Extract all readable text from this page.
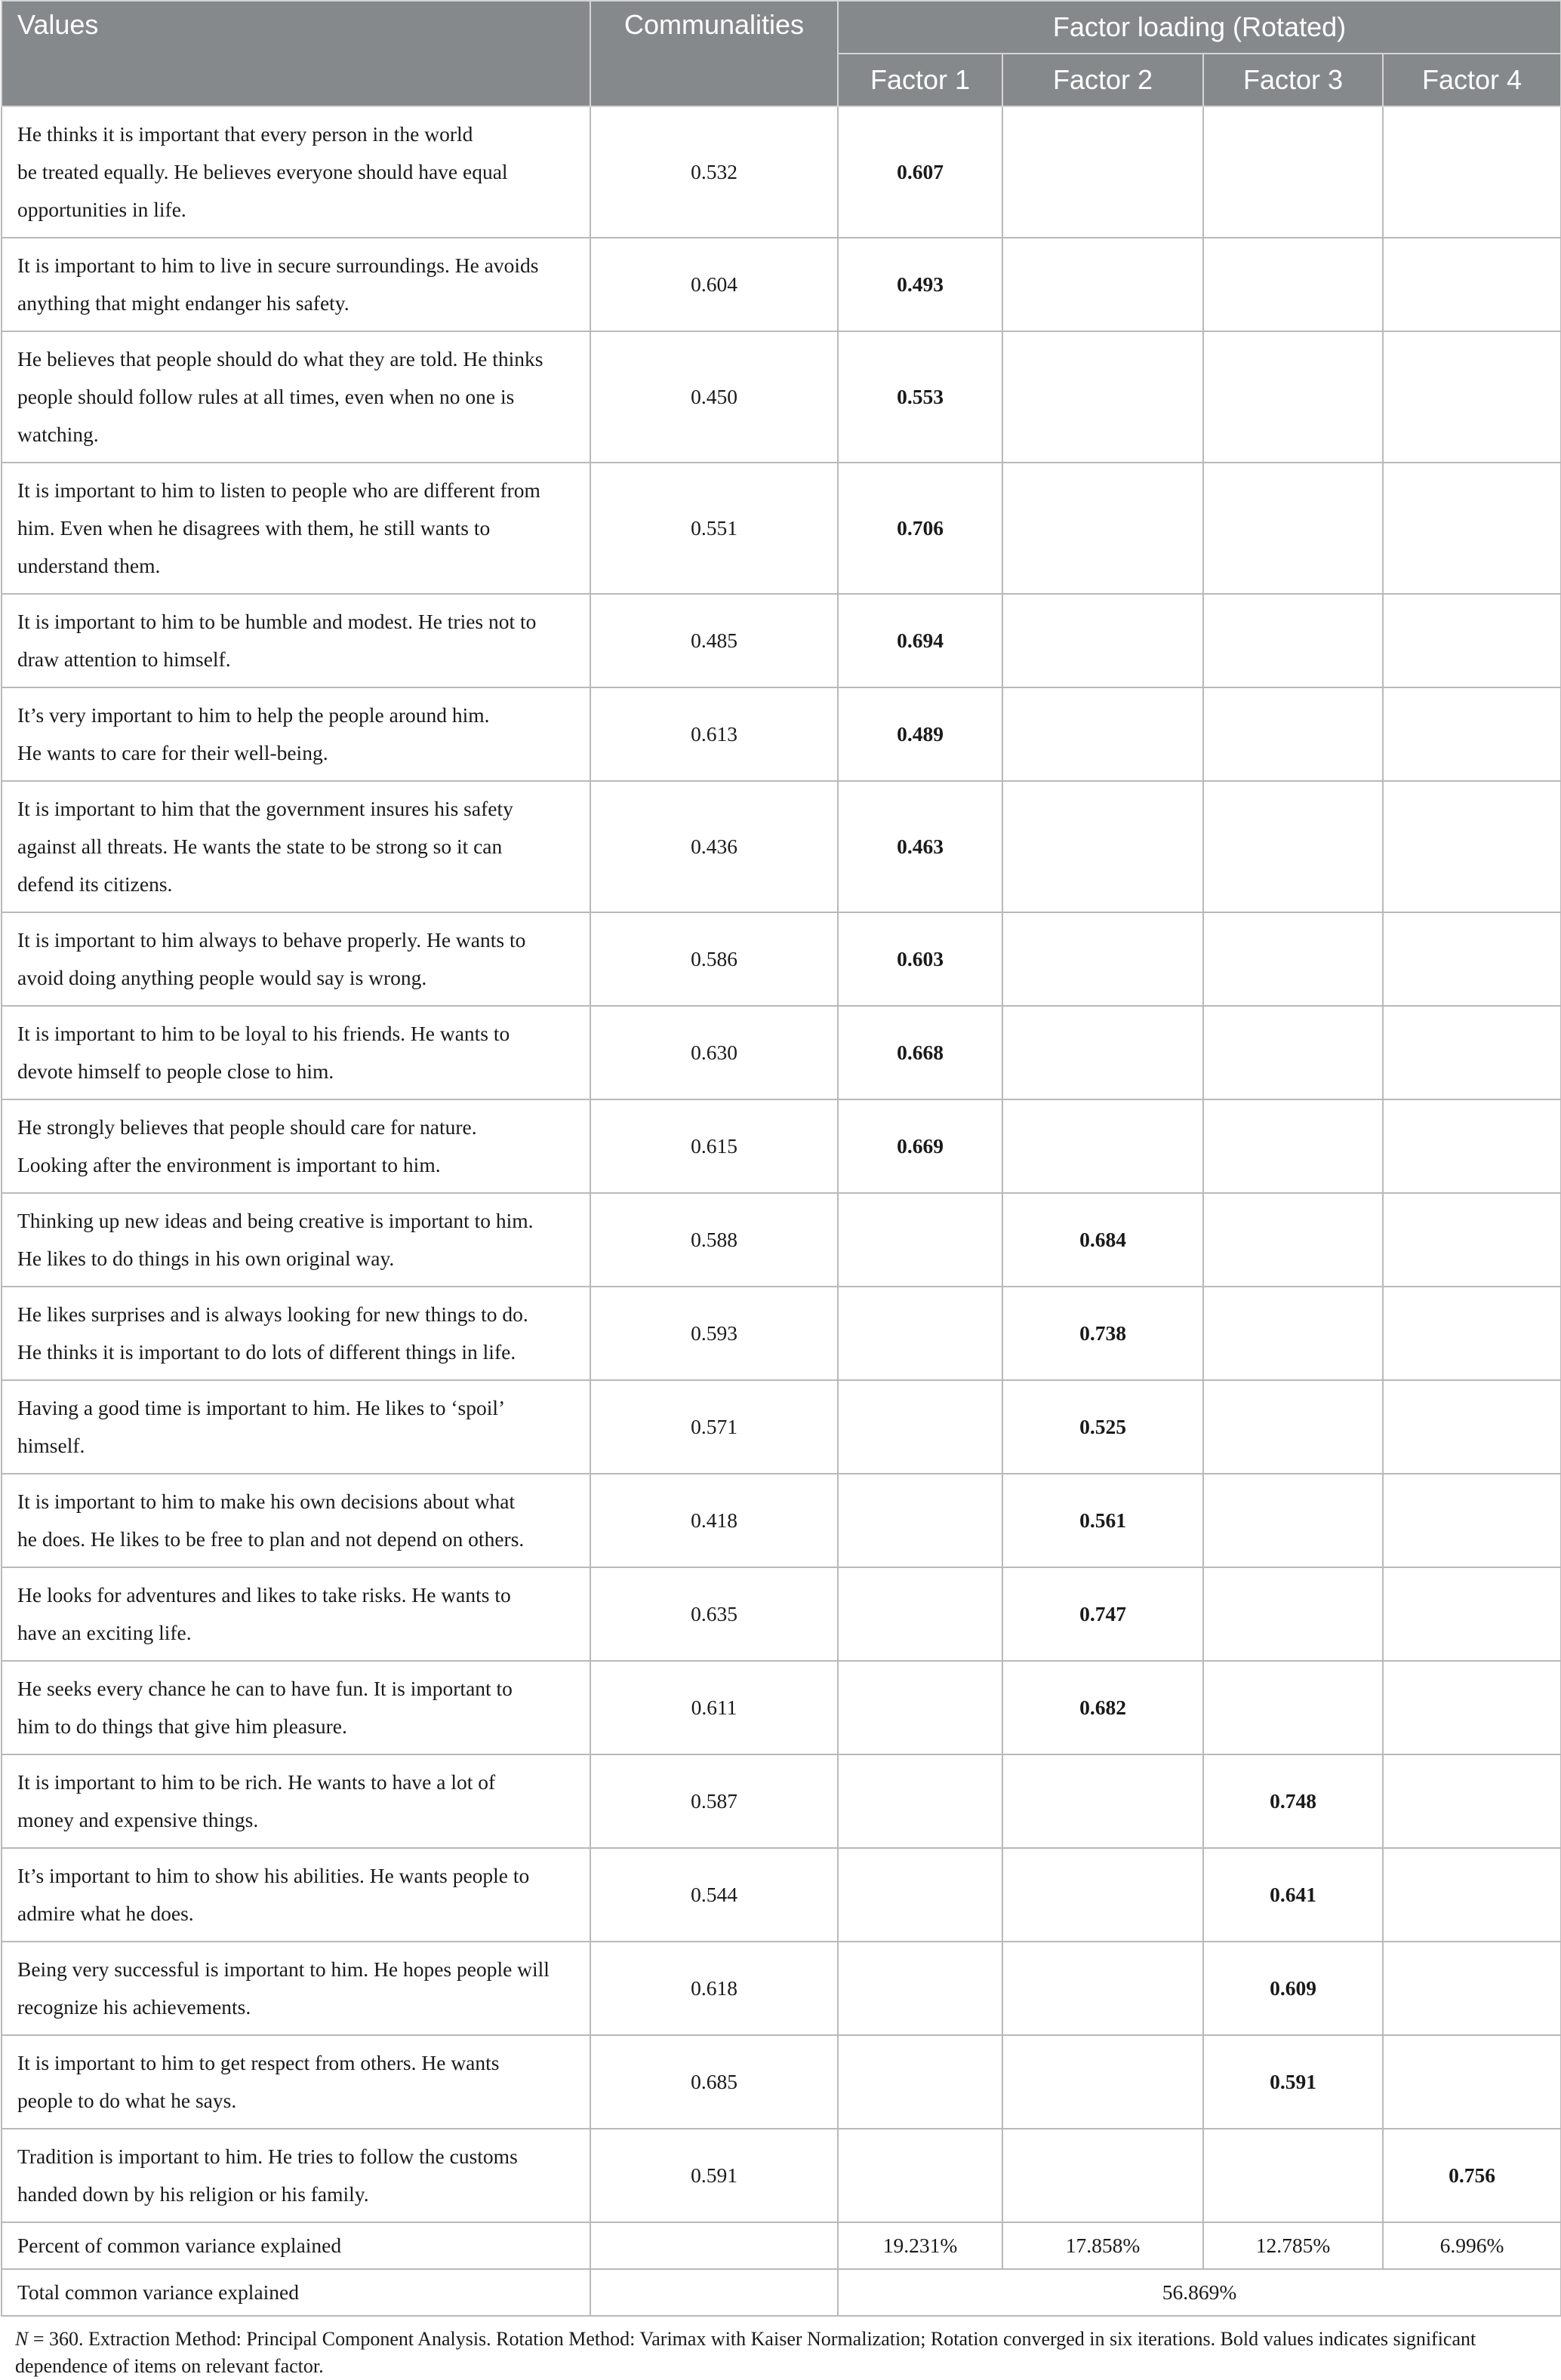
Values	Communalities	Factor loading (Rotated)			
		Factor 1	Factor 2	Factor 3	Factor 4
He thinks it is important that every person in the world
be treated equally. He believes everyone should have equal
opportunities in life.	0.532	0.607			
It is important to him to live in secure surroundings. He avoids
anything that might endanger his safety.	0.604	0.493			
He believes that people should do what they are told. He thinks
people should follow rules at all times, even when no one is
watching.	0.450	0.553			
It is important to him to listen to people who are different from
him. Even when he disagrees with them, he still wants to
understand them.	0.551	0.706			
It is important to him to be humble and modest. He tries not to
draw attention to himself.	0.485	0.694			
It’s very important to him to help the people around him.
He wants to care for their well-being.	0.613	0.489			
It is important to him that the government insures his safety
against all threats. He wants the state to be strong so it can
defend its citizens.	0.436	0.463			
It is important to him always to behave properly. He wants to
avoid doing anything people would say is wrong.	0.586	0.603			
It is important to him to be loyal to his friends. He wants to
devote himself to people close to him.	0.630	0.668			
He strongly believes that people should care for nature.
Looking after the environment is important to him.	0.615	0.669			
Thinking up new ideas and being creative is important to him.
He likes to do things in his own original way.	0.588		0.684		
He likes surprises and is always looking for new things to do.
He thinks it is important to do lots of different things in life.	0.593		0.738		
Having a good time is important to him. He likes to ‘spoil’
himself.	0.571		0.525		
It is important to him to make his own decisions about what
he does. He likes to be free to plan and not depend on others.	0.418		0.561		
He looks for adventures and likes to take risks. He wants to
have an exciting life.	0.635		0.747		
He seeks every chance he can to have fun. It is important to
him to do things that give him pleasure.	0.611		0.682		
It is important to him to be rich. He wants to have a lot of
money and expensive things.	0.587			0.748	
It’s important to him to show his abilities. He wants people to
admire what he does.	0.544			0.641	
Being very successful is important to him. He hopes people will
recognize his achievements.	0.618			0.609	
It is important to him to get respect from others. He wants
people to do what he says.	0.685			0.591	
Tradition is important to him. He tries to follow the customs
handed down by his religion or his family.	0.591				0.756
Percent of common variance explained		19.231%	17.858%	12.785%	6.996%
Total common variance explained		56.869%			
N = 360. Extraction Method: Principal Component Analysis. Rotation Method: Varimax with Kaiser Normalization; Rotation converged in six iterations. Bold values indicates significant dependence of items on relevant factor.
